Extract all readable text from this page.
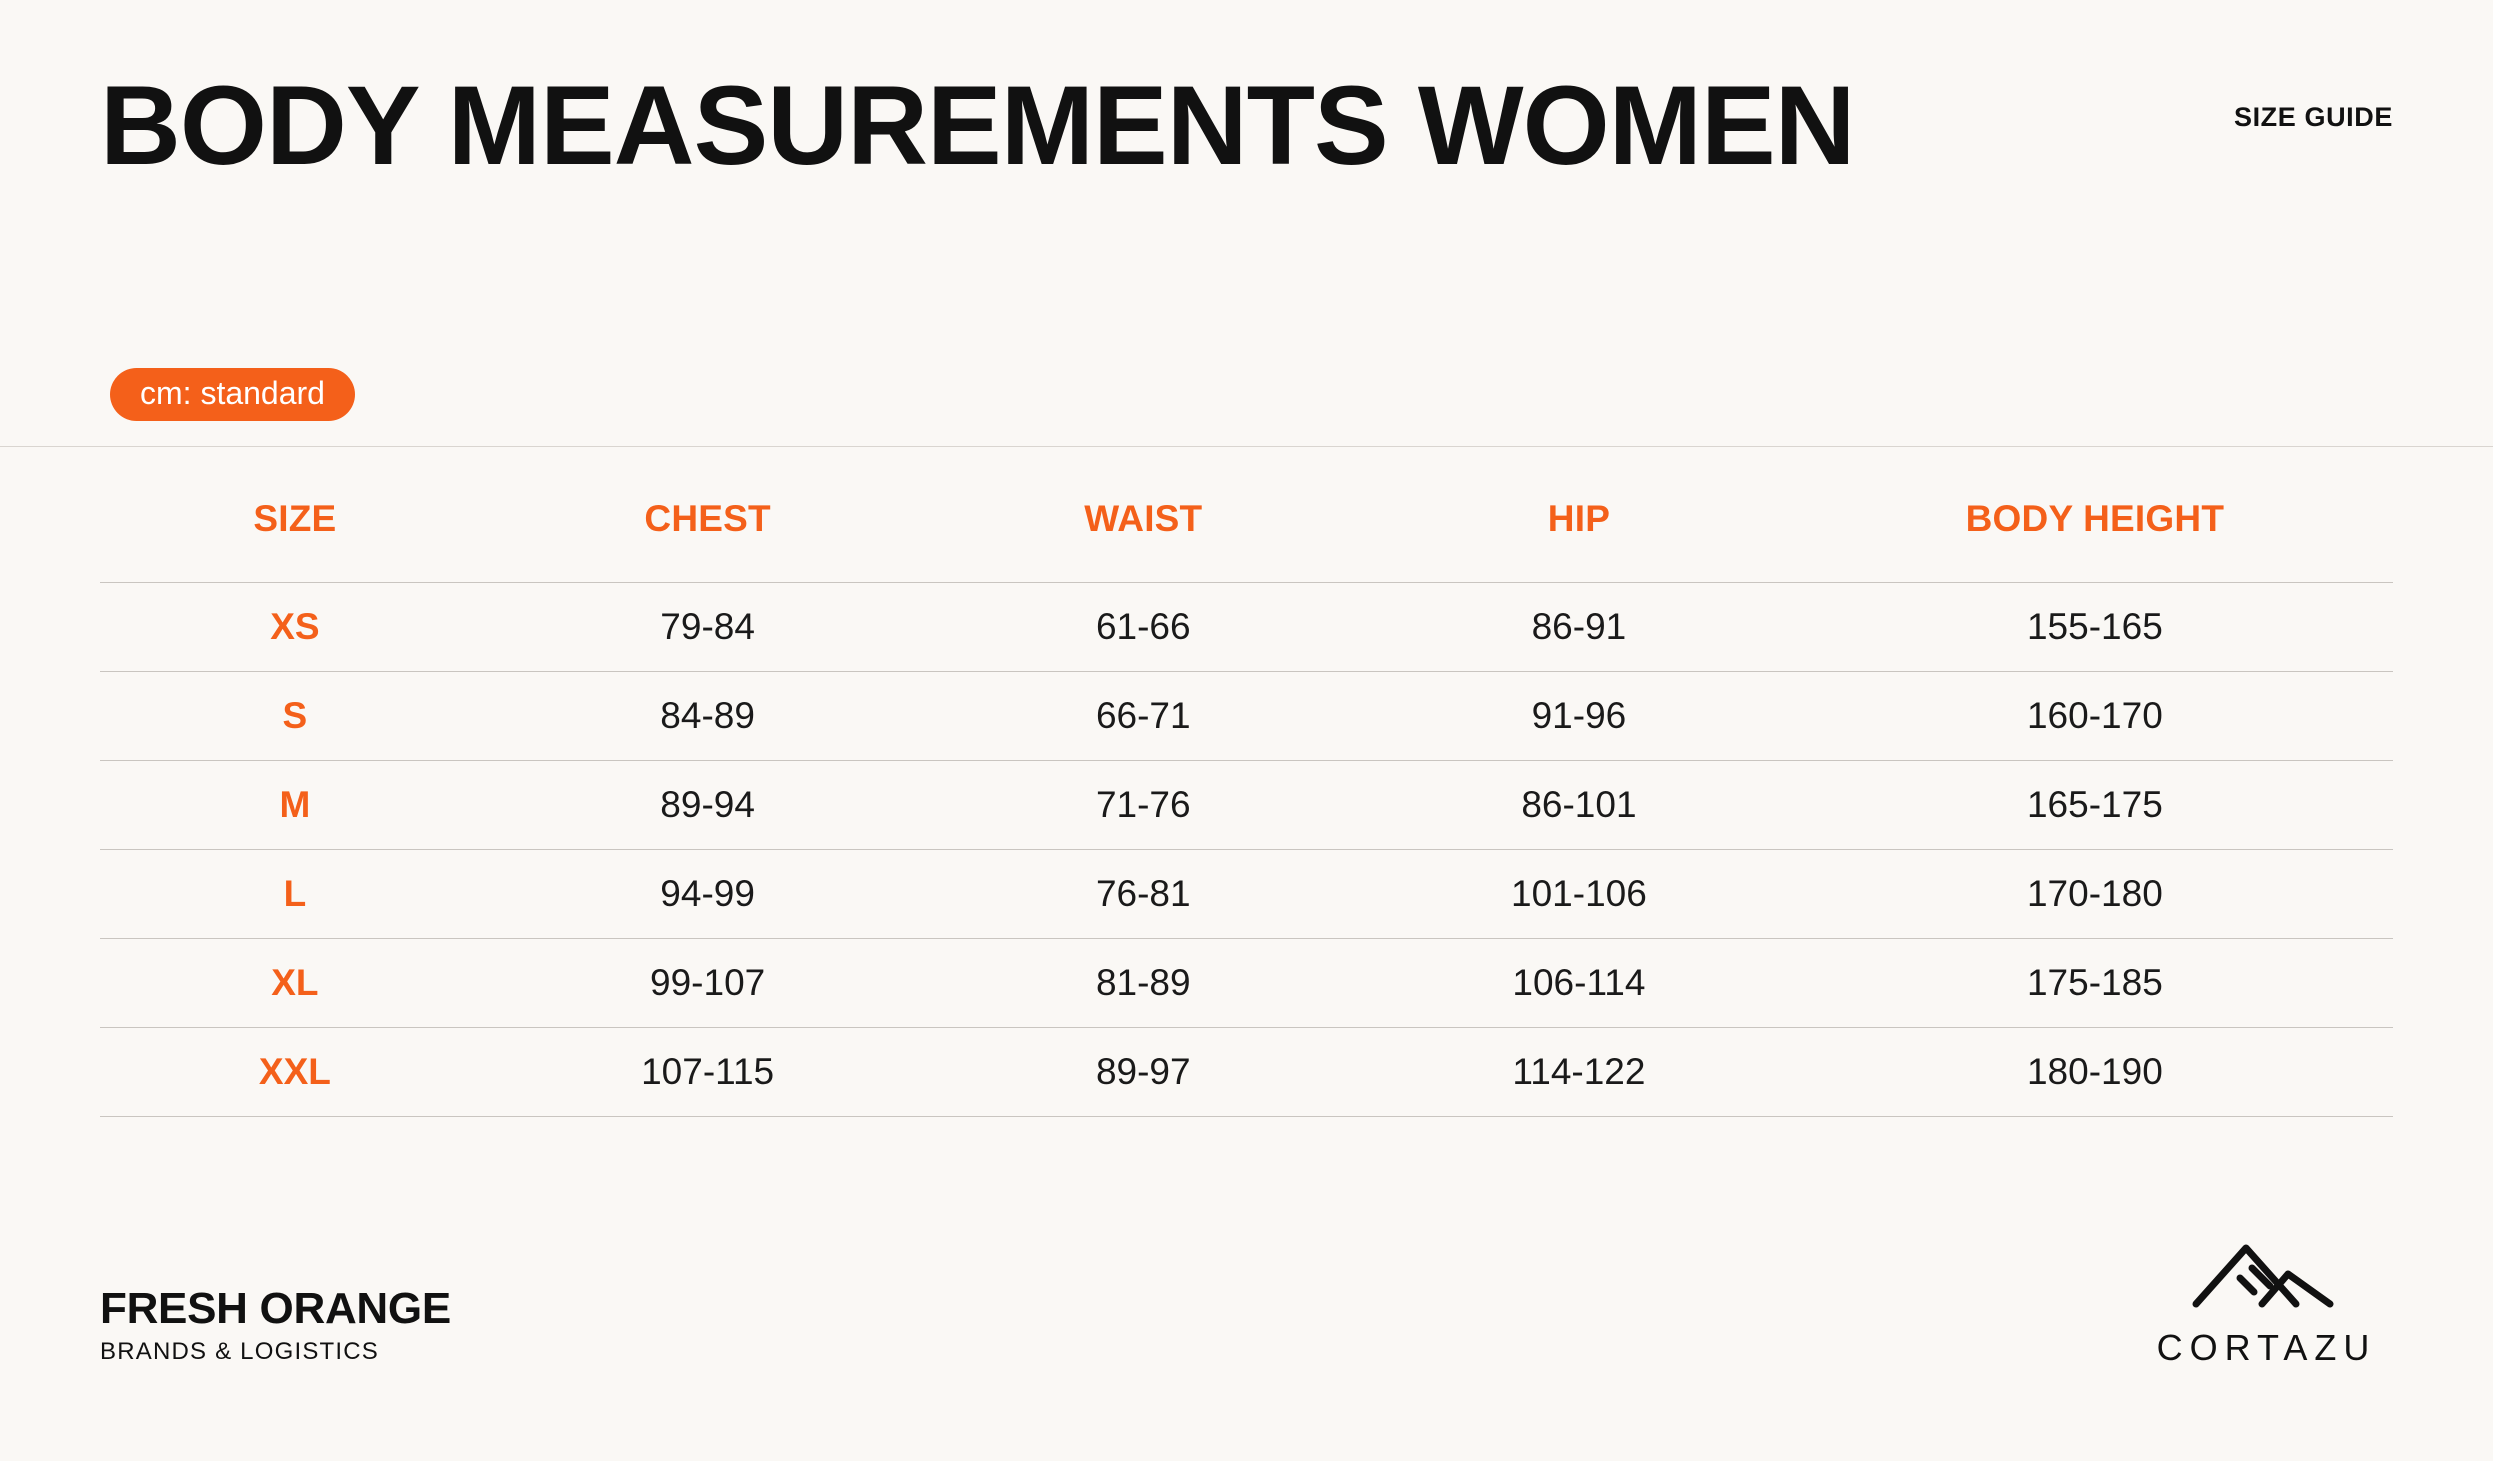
BODY MEASUREMENTS WOMEN	SIZE GUIDE
cm: standard
SIZE	CHEST	WAIST	HIP	BODY HEIGHT
XS	79-84	61-66	86-91	155-165
S	84-89	66-71	91-96	160-170
M	89-94	71-76	86-101	165-175
L	94-99	76-81	101-106	170-180
XL	99-107	81-89	106-114	175-185
XXL	107-115	89-97	114-122	180-190
FRESH ORANGE
BRANDS & LOGISTICS	CORTAZU
